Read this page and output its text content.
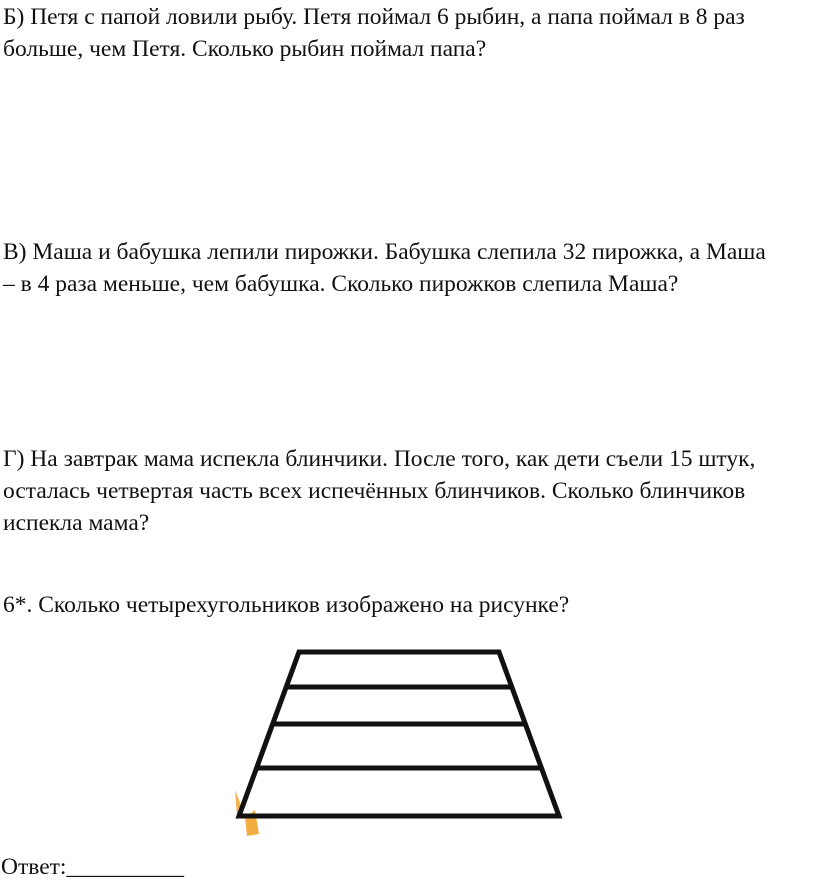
Б) Петя с папой ловили рыбу. Петя поймал 6 рыбин, а папа поймал в 8 раз
больше, чем Петя. Сколько рыбин поймал папа?

В) Маша и бабушка лепили пирожки. Бабушка слепила 32 пирожка, а Маша
– в 4 раза меньше, чем бабушка. Сколько пирожков слепила Маша?

Г) На завтрак мама испекла блинчики. После того, как дети съели 15 штук,
осталась четвертая часть всех испечённых блинчиков. Сколько блинчиков
испекла мама?

6*. Сколько четырехугольников изображено на рисунке?

Ответ:__________
